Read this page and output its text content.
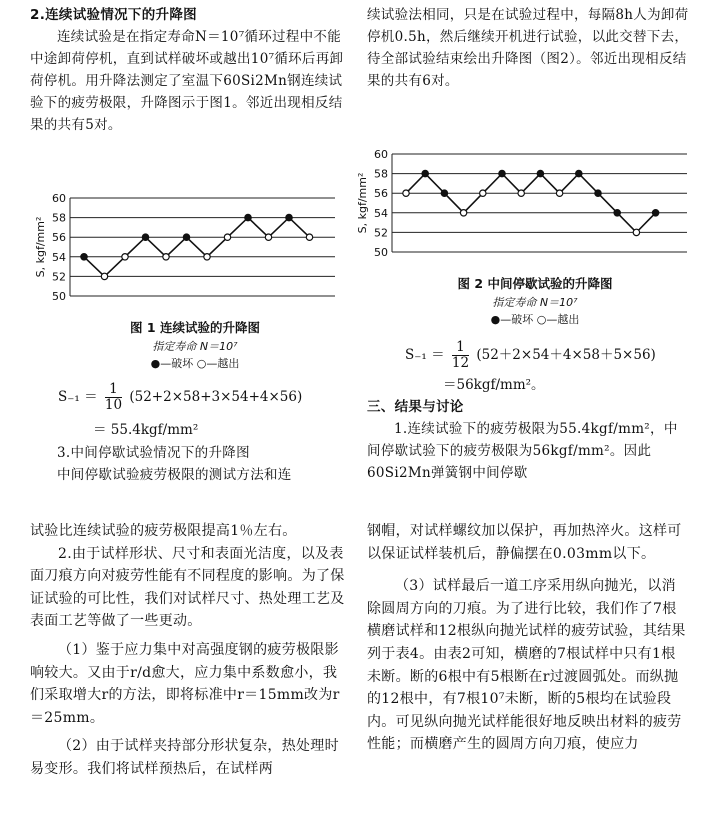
2.连续试验情况下的升降图

连续试验是在指定寿命N＝10⁷循环过程中不能中途卸荷停机，直到试样破坏或越出10⁷循环后再卸荷停机。用升降法测定了室温下60Si2Mn钢连续试验下的疲劳极限，升降图示于图1。邻近出现相反结果的共有5对。

50
52
54
56
58
60
S, kgf/mm²
图 1 连续试验的升降图
指定寿命 N＝10⁷
●—破坏 ○—越出
$S_{-1} = \frac{1}{10} (52+2\times 58+3\times 54+4\times 56)$
＝ 55.4kgf/mm²

3.中间停歇试验情况下的升降图

中间停歇试验疲劳极限的测试方法和连

续试验法相同，只是在试验过程中，每隔8h人为卸荷停机0.5h，然后继续开机进行试验，以此交替下去，待全部试验结束绘出升降图（图2）。邻近出现相反结果的共有6对。

50
52
54
56
58
60
S, kgf/mm²
图 2 中间停歇试验的升降图
指定寿命 N＝10⁷
●—破坏 ○—越出
$S_{-1} = \frac{1}{12} (52+2\times 54+4\times 58+5\times 56)$
＝56kgf/mm²。

三、结果与讨论

1.连续试验下的疲劳极限为55.4kgf/mm²，中间停歇试验下的疲劳极限为56kgf/mm²。因此60Si2Mn弹簧钢中间停歇

试验比连续试验的疲劳极限提高1％左右。

2.由于试样形状、尺寸和表面光洁度，以及表面刀痕方向对疲劳性能有不同程度的影响。为了保证试验的可比性，我们对试样尺寸、热处理工艺及表面工艺等做了一些更动。

（1）鉴于应力集中对高强度钢的疲劳极限影响较大。又由于r/d愈大，应力集中系数愈小，我们采取增大r的方法，即将标准中r＝15mm改为r＝25mm。

（2）由于试样夹持部分形状复杂，热处理时易变形。我们将试样预热后，在试样两

钢帽，对试样螺纹加以保护，再加热淬火。这样可以保证试样装机后，静偏摆在0.03mm以下。

（3）试样最后一道工序采用纵向抛光，以消除圆周方向的刀痕。为了进行比较，我们作了7根横磨试样和12根纵向抛光试样的疲劳试验，其结果列于表4。由表2可知，横磨的7根试样中只有1根未断。断的6根中有5根断在r过渡圆弧处。而纵抛的12根中，有7根10⁷未断，断的5根均在试验段内。可见纵向抛光试样能很好地反映出材料的疲劳性能；而横磨产生的圆周方向刀痕，使应力
